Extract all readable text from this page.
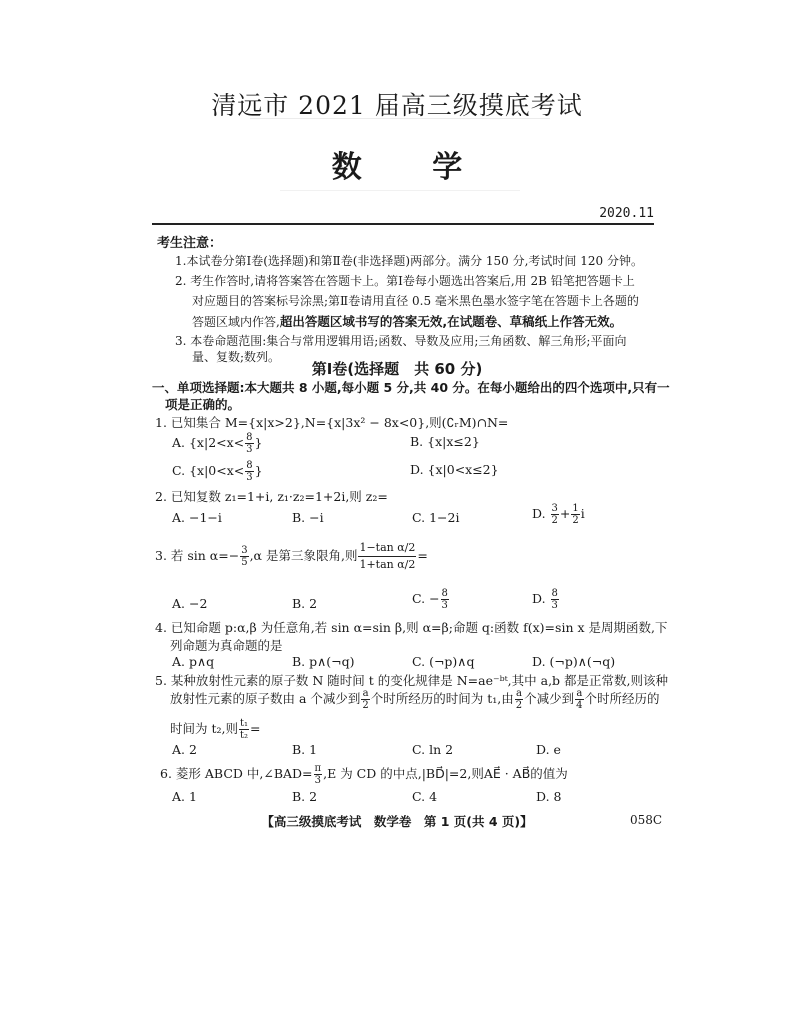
清远市 2021 届高三级摸底考试
数 学
2020.11
考生注意：
1.本试卷分第Ⅰ卷(选择题)和第Ⅱ卷(非选择题)两部分。满分 150 分,考试时间 120 分钟。
2. 考生作答时,请将答案答在答题卡上。第Ⅰ卷每小题选出答案后,用 2B 铅笔把答题卡上
对应题目的答案标号涂黑;第Ⅱ卷请用直径 0.5 毫米黑色墨水签字笔在答题卡上各题的
答题区域内作答,超出答题区域书写的答案无效,在试题卷、草稿纸上作答无效。
3. 本卷命题范围:集合与常用逻辑用语;函数、导数及应用;三角函数、解三角形;平面向
量、复数;数列。
第Ⅰ卷(选择题　共 60 分)
一、单项选择题:本大题共 8 小题,每小题 5 分,共 40 分。在每小题给出的四个选项中,只有一
项是正确的。
1. 已知集合 M={x|x>2},N={x|3x² − 8x<0},则(∁ᵣM)∩N=
A. {$x|2<x< \frac{8}{3}$ }	B. {x|x≤2}
C. {$x|0<x< \frac{8}{3}$ }	D. {x|0<x≤2}
2. 已知复数 z₁=1+i, z₁·z₂=1+2i,则 z₂=
A. −1−i	B. −i	C. 1−2i	D. $\frac{3}{2} + \frac{1}{2}$ i
3. 若 $\sin \alpha=- \frac{3}{5} ,\alpha$ 是第三象限角,则 $\frac{\text{1−tan α/2}}{\text{1+tan α/2}}$ =
A. −2	B. 2	C. − $\frac{8}{3}$	D. $\frac{8}{3}$
4. 已知命题 p:α,β 为任意角,若 sin α=sin β,则 α=β;命题 q:函数 f(x)=sin x 是周期函数,下
列命题为真命题的是
A. p∧q	B. p∧(¬q)	C. (¬p)∧q	D. (¬p)∧(¬q)
5. 某种放射性元素的原子数 N 随时间 t 的变化规律是 N=ae⁻ᵇᵗ,其中 a,b 都是正常数,则该种
放射性元素的原子数由 a 个减少到 $\frac{a}{2}$ 个时所经历的时间为 t₁,由 $\frac{a}{2}$ 个减少到 $\frac{a}{4}$ 个时所经历的
时间为 t₂,则 $\frac{\text{t₁}}{\text{t₂}}$ =
A. 2	B. 1	C. ln 2	D. e
6. 菱形 ABCD 中,∠BAD= $\frac{\pi}{3} ,E$ 为 CD 的中点,|BD⃗|=2,则AE⃗ · AB⃗的值为
A. 1	B. 2	C. 4	D. 8
【高三级摸底考试　数学卷　第 1 页(共 4 页)】	058C
